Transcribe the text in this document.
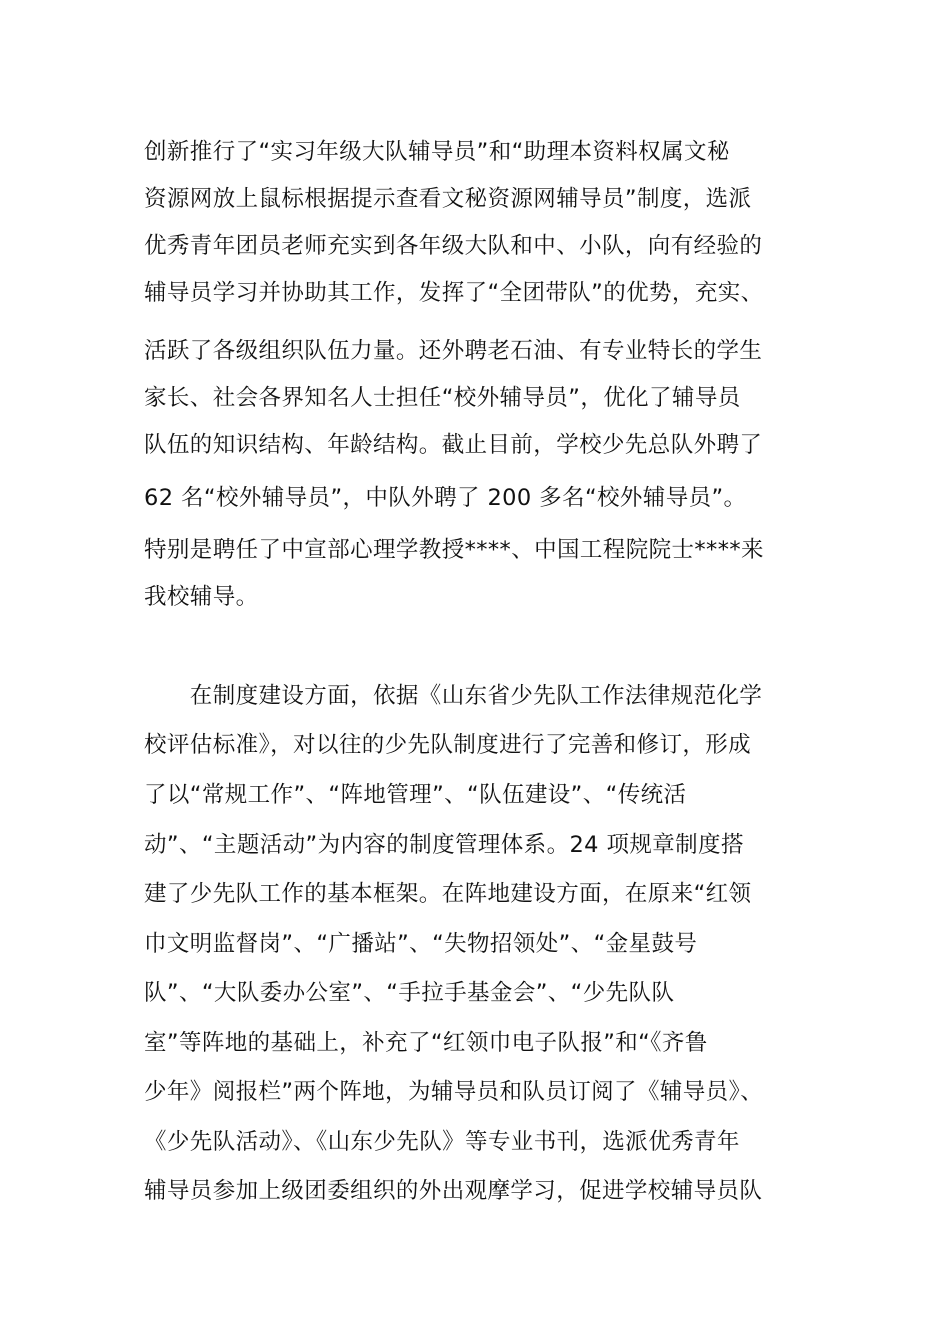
创新推行了“实习年级大队辅导员”和“助理本资料权属文秘
资源网放上鼠标根据提示查看文秘资源网辅导员”制度，选派
优秀青年团员老师充实到各年级大队和中、小队，向有经验的
辅导员学习并协助其工作，发挥了“全团带队”的优势，充实、
活跃了各级组织队伍力量。还外聘老石油、有专业特长的学生
家长、社会各界知名人士担任“校外辅导员”，优化了辅导员
队伍的知识结构、年龄结构。截止目前，学校少先总队外聘了
62 名“校外辅导员”，中队外聘了 200 多名“校外辅导员”。
特别是聘任了中宣部心理学教授****、中国工程院院士****来
我校辅导。
　　在制度建设方面，依据《山东省少先队工作法律规范化学
校评估标准》，对以往的少先队制度进行了完善和修订，形成
了以“常规工作”、“阵地管理”、“队伍建设”、“传统活
动”、“主题活动”为内容的制度管理体系。24 项规章制度搭
建了少先队工作的基本框架。在阵地建设方面，在原来“红领
巾文明监督岗”、“广播站”、“失物招领处”、“金星鼓号
队”、“大队委办公室”、“手拉手基金会”、“少先队队
室”等阵地的基础上，补充了“红领巾电子队报”和“《齐鲁
少年》阅报栏”两个阵地，为辅导员和队员订阅了《辅导员》、
《少先队活动》、《山东少先队》等专业书刊，选派优秀青年
辅导员参加上级团委组织的外出观摩学习，促进学校辅导员队
